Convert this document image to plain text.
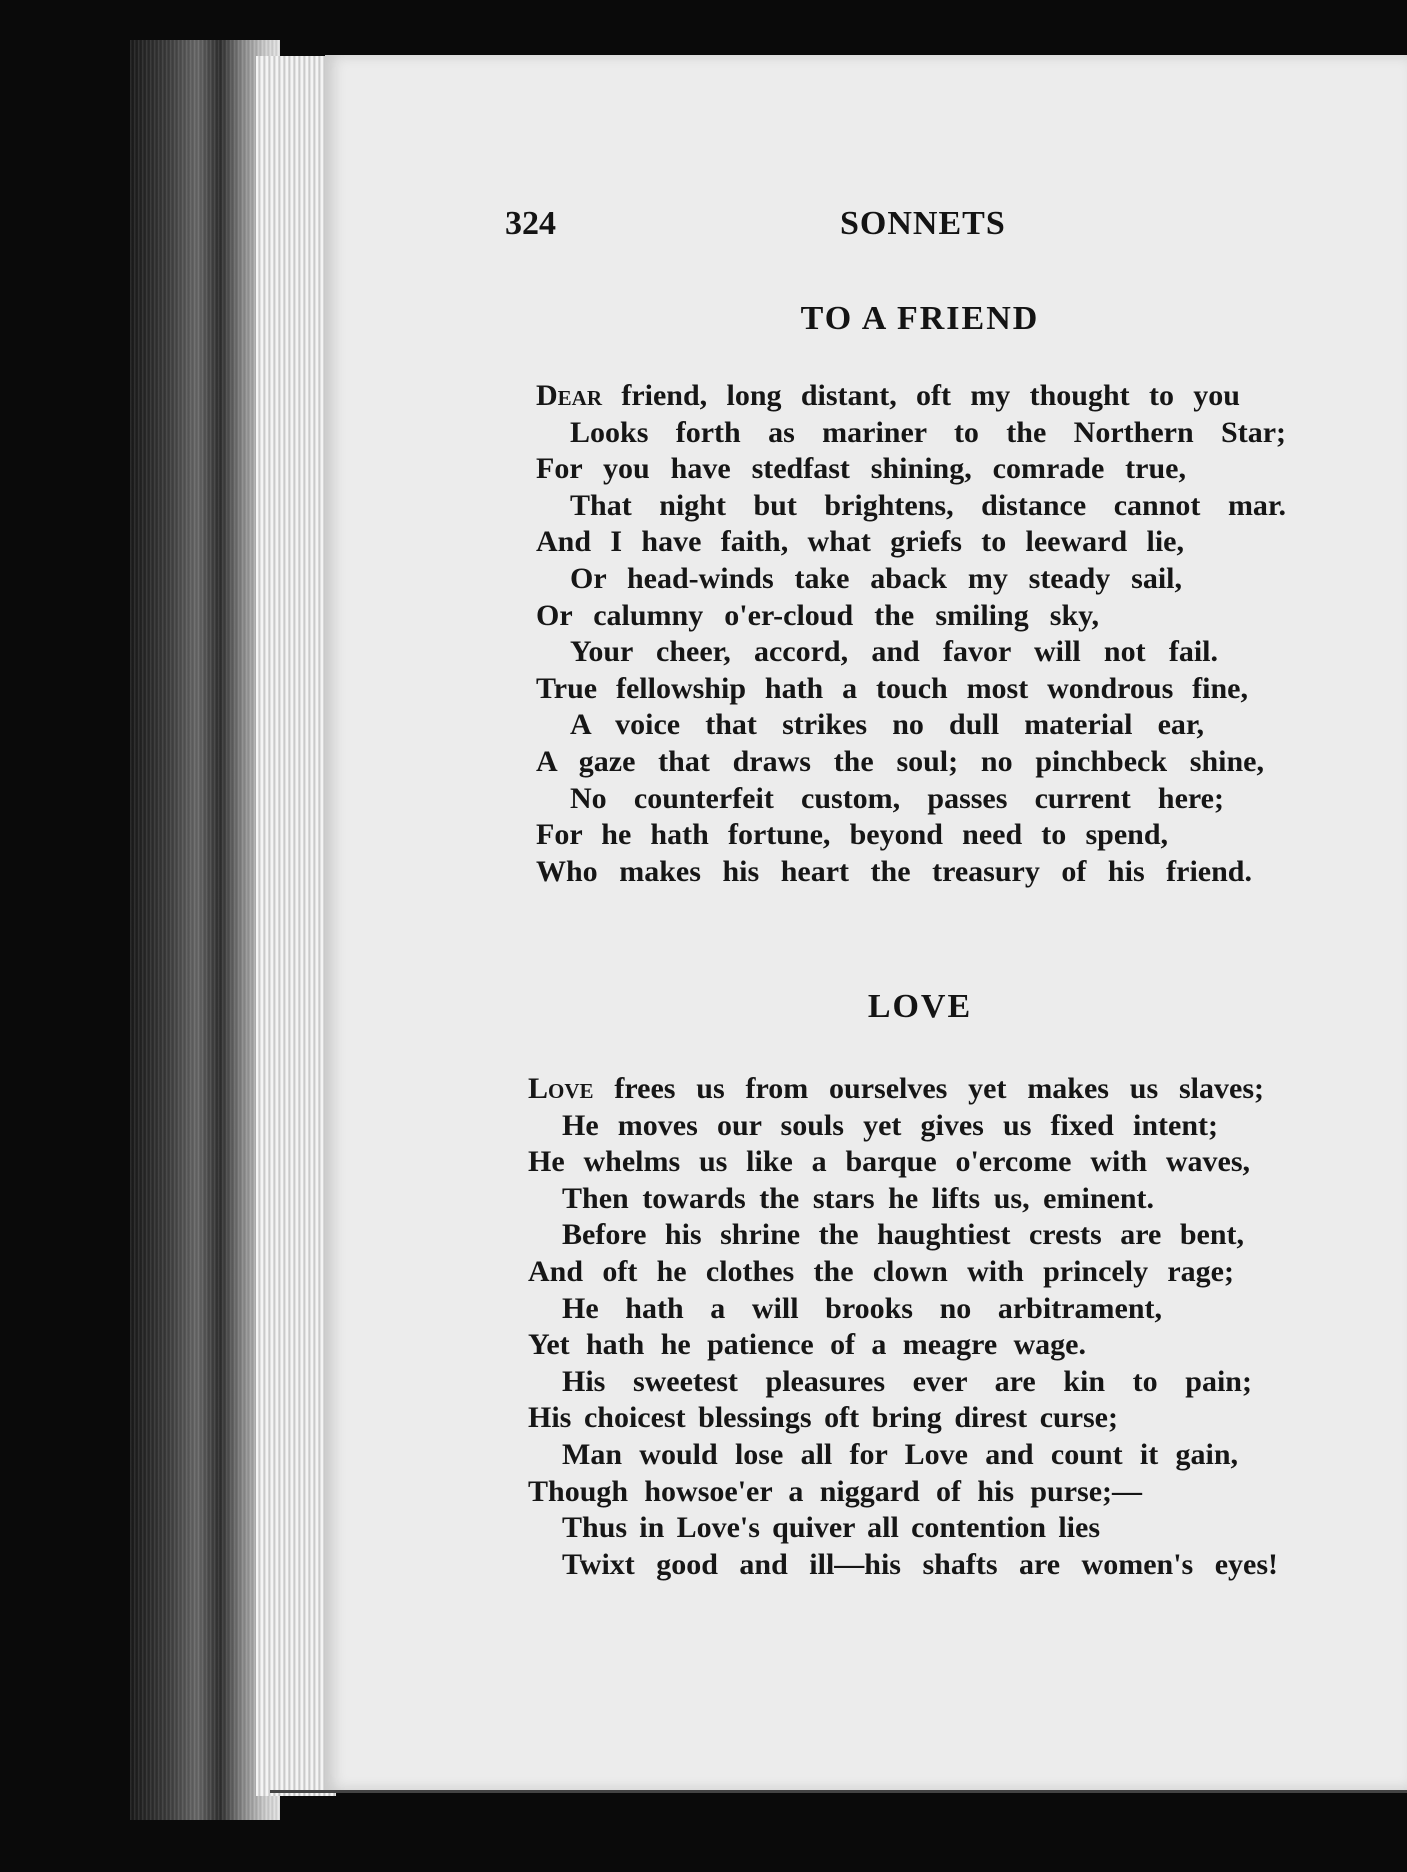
324	SONNETS
TO A FRIEND
Dear friend, long distant, oft my thought to you
Looks forth as mariner to the Northern Star;
For you have stedfast shining, comrade true,
That night but brightens, distance cannot mar.
And I have faith, what griefs to leeward lie,
Or head-winds take aback my steady sail,
Or calumny o'er-cloud the smiling sky,
Your cheer, accord, and favor will not fail.
True fellowship hath a touch most wondrous fine,
A voice that strikes no dull material ear,
A gaze that draws the soul; no pinchbeck shine,
No counterfeit custom, passes current here;
For he hath fortune, beyond need to spend,
Who makes his heart the treasury of his friend.
LOVE
Love frees us from ourselves yet makes us slaves;
He moves our souls yet gives us fixed intent;
He whelms us like a barque o'ercome with waves,
Then towards the stars he lifts us, eminent.
Before his shrine the haughtiest crests are bent,
And oft he clothes the clown with princely rage;
He hath a will brooks no arbitrament,
Yet hath he patience of a meagre wage.
His sweetest pleasures ever are kin to pain;
His choicest blessings oft bring direst curse;
Man would lose all for Love and count it gain,
Though howsoe'er a niggard of his purse;—
Thus in Love's quiver all contention lies
Twixt good and ill—his shafts are women's eyes!
